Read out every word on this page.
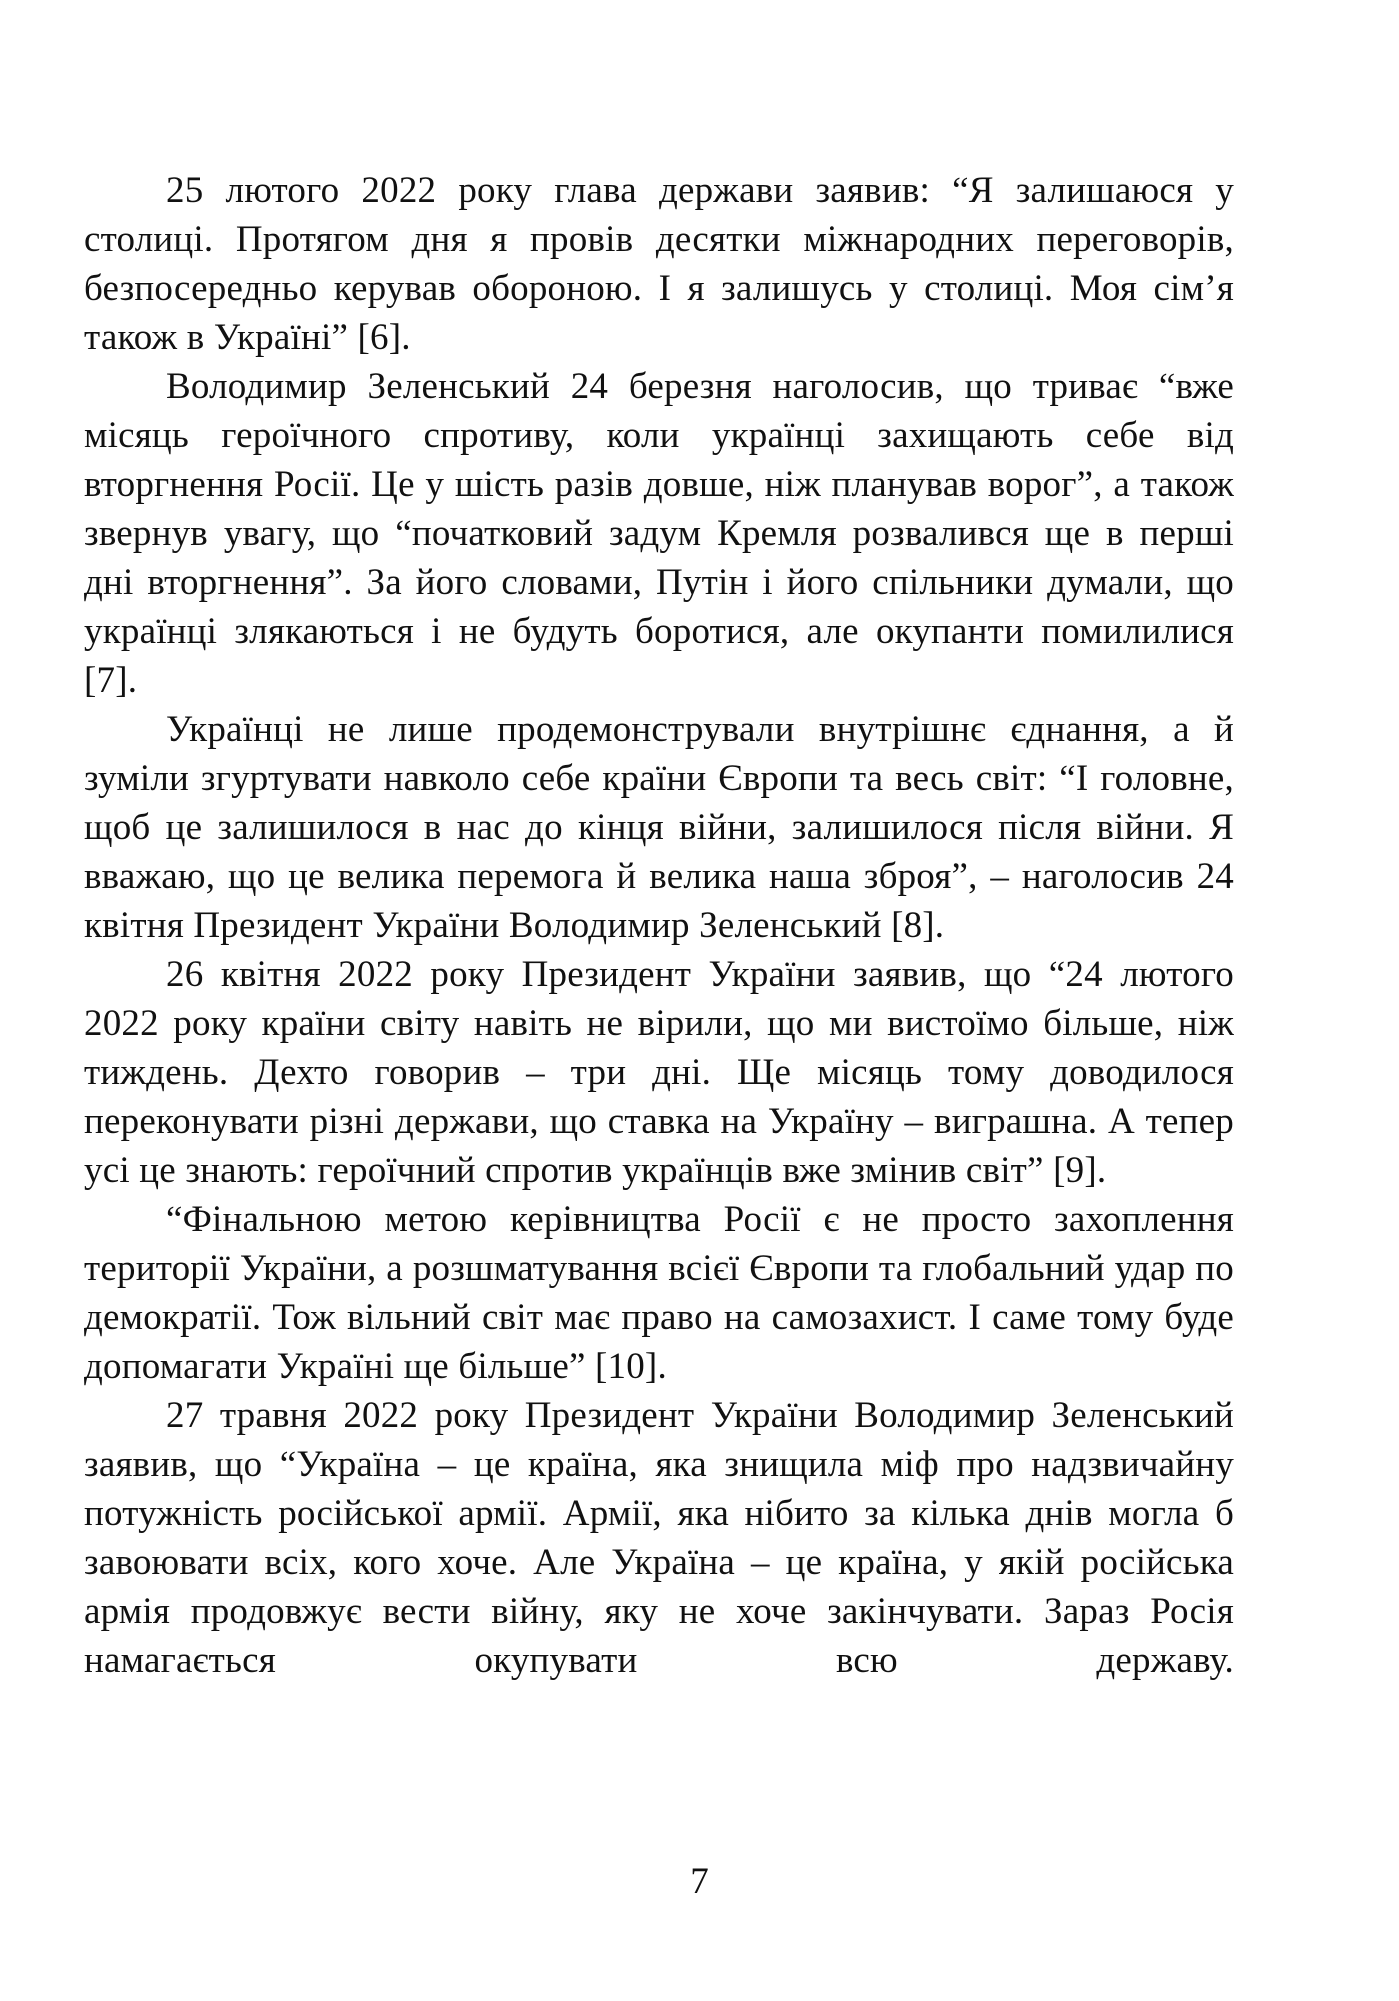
25 лютого 2022 року глава держави заявив: “Я залишаюся у столиці. Протягом дня я провів десятки міжнародних переговорів, безпосередньо керував обороною. І я залишусь у столиці. Моя сім’я також в Україні” [6].

Володимир Зеленський 24 березня наголосив, що триває “вже місяць героїчного спротиву, коли українці захищають себе від вторгнення Росії. Це у шість разів довше, ніж планував ворог”, а також звернув увагу, що “початковий задум Кремля розвалився ще в перші дні вторгнення”. За його словами, Путін і його спільники думали, що українці злякаються і не будуть боротися, але окупанти помилилися [7].

Українці не лише продемонстрували внутрішнє єднання, а й зуміли згуртувати навколо себе країни Європи та весь світ: “І головне, щоб це залишилося в нас до кінця війни, залишилося після війни. Я вважаю, що це велика перемога й велика наша зброя”, – наголосив 24 квітня Президент України Володимир Зеленський [8].

26 квітня 2022 року Президент України заявив, що “24 лютого 2022 року країни світу навіть не вірили, що ми вистоїмо більше, ніж тиждень. Дехто говорив – три дні. Ще місяць тому доводилося переконувати різні держави, що ставка на Україну – виграшна. А тепер усі це знають: героїчний спротив українців вже змінив світ” [9].

“Фінальною метою керівництва Росії є не просто захоплення території України, а розшматування всієї Європи та глобальний удар по демократії. Тож вільний світ має право на самозахист. І саме тому буде допомагати Україні ще більше” [10].

27 травня 2022 року Президент України Володимир Зеленський заявив, що “Україна – це країна, яка знищила міф про надзвичайну потужність російської армії. Армії, яка нібито за кілька днів могла б завоювати всіх, кого хоче. Але Україна – це країна, у якій російська армія продовжує вести війну, яку не хоче закінчувати. Зараз Росія намагається окупувати всю державу.

7
